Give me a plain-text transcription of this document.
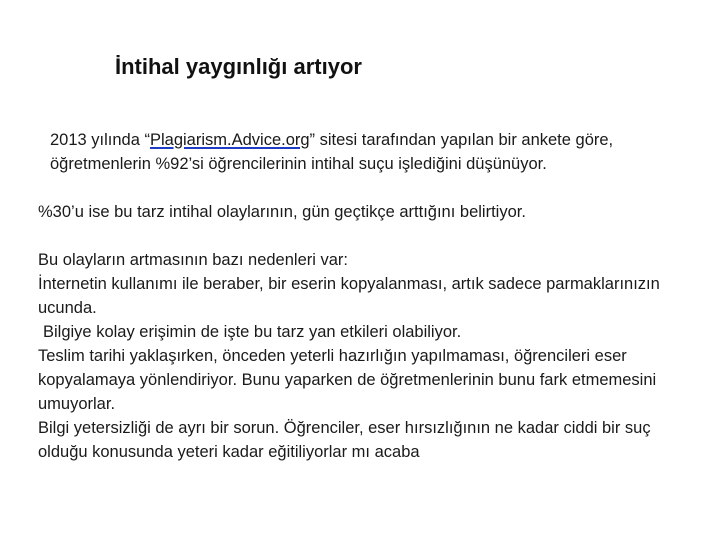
İntihal yaygınlığı artıyor

2013 yılında “Plagiarism.Advice.org” sitesi tarafından yapılan bir ankete göre, öğretmenlerin %92’si öğrencilerinin intihal suçu işlediğini düşünüyor.

%30’u ise bu tarz intihal olaylarının, gün geçtikçe arttığını belirtiyor.

Bu olayların artmasının bazı nedenleri var:

İnternetin kullanımı ile beraber, bir eserin kopyalanması, artık sadece parmaklarınızın ucunda.

Bilgiye kolay erişimin de işte bu tarz yan etkileri olabiliyor.

Teslim tarihi yaklaşırken, önceden yeterli hazırlığın yapılmaması, öğrencileri eser kopyalamaya yönlendiriyor. Bunu yaparken de öğretmenlerinin bunu fark etmemesini umuyorlar.

Bilgi yetersizliği de ayrı bir sorun. Öğrenciler, eser hırsızlığının ne kadar ciddi bir suç olduğu konusunda yeteri kadar eğitiliyorlar mı acaba
